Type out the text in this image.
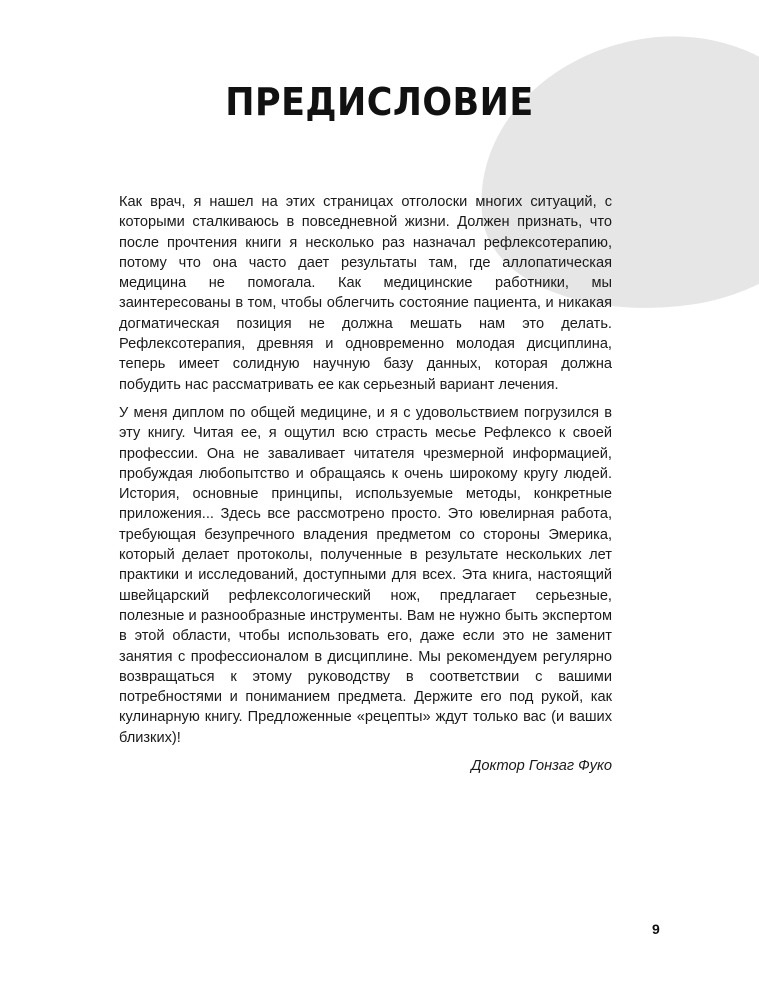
ПРЕДИСЛОВИЕ

Как врач, я нашел на этих страницах отголоски многих ситуаций, с которыми сталкиваюсь в повседневной жизни. Должен признать, что после прочтения книги я несколько раз назначал рефлексотерапию, потому что она часто дает результаты там, где аллопатическая медицина не помогала. Как медицинские работники, мы заинтересованы в том, чтобы облегчить состояние пациента, и никакая догматическая позиция не должна мешать нам это делать. Рефлексотерапия, древняя и одновременно молодая дисциплина, теперь имеет солидную научную базу данных, которая должна побудить нас рассматривать ее как серьезный вариант лечения.

У меня диплом по общей медицине, и я с удовольствием погрузился в эту книгу. Читая ее, я ощутил всю страсть месье Рефлексо к своей профессии. Она не заваливает читателя чрезмерной информацией, пробуждая любопытство и обращаясь к очень широкому кругу людей. История, основные принципы, используемые методы, конкретные приложения... Здесь все рассмотрено просто. Это ювелирная работа, требующая безупречного владения предметом со стороны Эмерика, который делает протоколы, полученные в результате нескольких лет практики и исследований, доступными для всех. Эта книга, настоящий швейцарский рефлексологический нож, предлагает серьезные, полезные и разнообразные инструменты. Вам не нужно быть экспертом в этой области, чтобы использовать его, даже если это не заменит занятия с профессионалом в дисциплине. Мы рекомендуем регулярно возвращаться к этому руководству в соответствии с вашими потребностями и пониманием предмета. Держите его под рукой, как кулинарную книгу. Предложенные «рецепты» ждут только вас (и ваших близких)!

Доктор Гонзаг Фуко

9
